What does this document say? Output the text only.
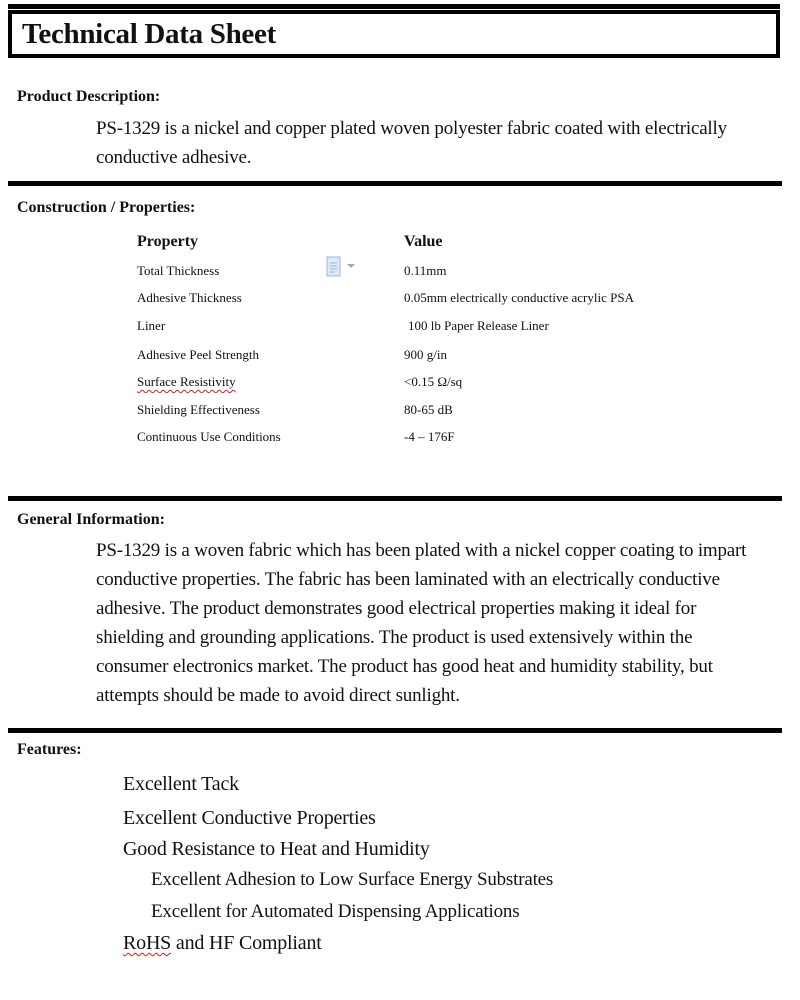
Technical Data Sheet
Product Description:
PS-1329 is a nickel and copper plated woven polyester fabric coated with electrically conductive adhesive.
Construction / Properties:
Property	Value
Total Thickness	0.11mm
Adhesive Thickness	0.05mm electrically conductive acrylic PSA
Liner	100 lb Paper Release Liner
Adhesive Peel Strength	900 g/in
Surface Resistivity	<0.15 Ω/sq
Shielding Effectiveness	80-65 dB
Continuous Use Conditions	-4 – 176F
General Information:
PS-1329 is a woven fabric which has been plated with a nickel copper coating to impart conductive properties. The fabric has been laminated with an electrically conductive adhesive. The product demonstrates good electrical properties making it ideal for shielding and grounding applications. The product is used extensively within the consumer electronics market. The product has good heat and humidity stability, but attempts should be made to avoid direct sunlight.
Features:
Excellent Tack
Excellent Conductive Properties
Good Resistance to Heat and Humidity
Excellent Adhesion to Low Surface Energy Substrates
Excellent for Automated Dispensing Applications
RoHS and HF Compliant
